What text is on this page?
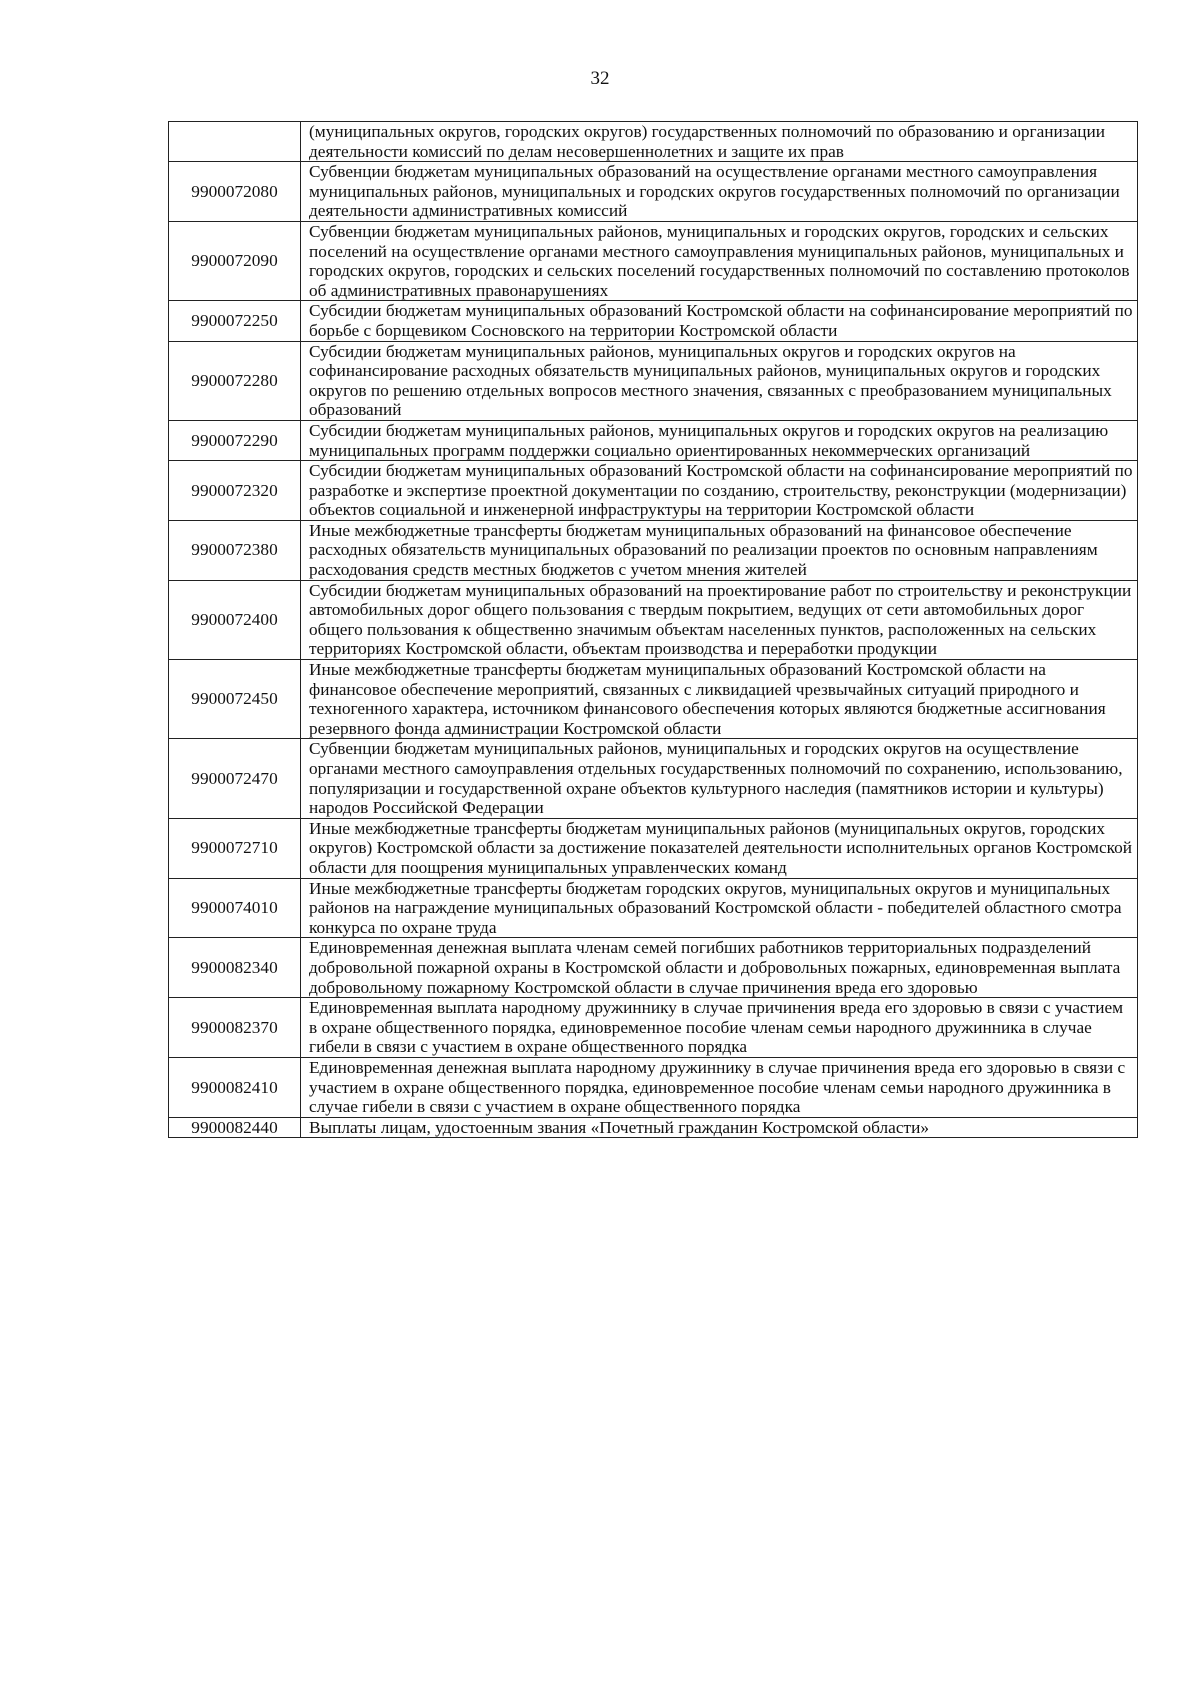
32
	(муниципальных округов, городских округов) государственных полномочий по образованию и организации деятельности комиссий по делам несовершеннолетних и защите их прав
9900072080	Субвенции бюджетам муниципальных образований на осуществление органами местного самоуправления муниципальных районов, муниципальных и городских округов государственных полномочий по организации деятельности административных комиссий
9900072090	Субвенции бюджетам муниципальных районов, муниципальных и городских округов, городских и сельских поселений на осуществление органами местного самоуправления муниципальных районов, муниципальных и городских округов, городских и сельских поселений государственных полномочий по составлению протоколов об административных правонарушениях
9900072250	Субсидии бюджетам муниципальных образований Костромской области на софинансирование мероприятий по борьбе с борщевиком Сосновского на территории Костромской области
9900072280	Субсидии бюджетам муниципальных районов, муниципальных округов и городских округов на софинансирование расходных обязательств муниципальных районов, муниципальных округов и городских округов по решению отдельных вопросов местного значения, связанных с преобразованием муниципальных образований
9900072290	Субсидии бюджетам муниципальных районов, муниципальных округов и городских округов на реализацию муниципальных программ поддержки социально ориентированных некоммерческих организаций
9900072320	Субсидии бюджетам муниципальных образований Костромской области на софинансирование мероприятий по разработке и экспертизе проектной документации по созданию, строительству, реконструкции (модернизации) объектов социальной и инженерной инфраструктуры на территории Костромской области
9900072380	Иные межбюджетные трансферты бюджетам муниципальных образований на финансовое обеспечение расходных обязательств муниципальных образований по реализации проектов по основным направлениям расходования средств местных бюджетов с учетом мнения жителей
9900072400	Субсидии бюджетам муниципальных образований на проектирование работ по строительству и реконструкции автомобильных дорог общего пользования с твердым покрытием, ведущих от сети автомобильных дорог общего пользования к общественно значимым объектам населенных пунктов, расположенных на сельских территориях Костромской области, объектам производства и переработки продукции
9900072450	Иные межбюджетные трансферты бюджетам муниципальных образований Костромской области на финансовое обеспечение мероприятий, связанных с ликвидацией чрезвычайных ситуаций природного и техногенного характера, источником финансового обеспечения которых являются бюджетные ассигнования резервного фонда администрации Костромской области
9900072470	Субвенции бюджетам муниципальных районов, муниципальных и городских округов на осуществление органами местного самоуправления отдельных государственных полномочий по сохранению, использованию, популяризации и государственной охране объектов культурного наследия (памятников истории и культуры) народов Российской Федерации
9900072710	Иные межбюджетные трансферты бюджетам муниципальных районов (муниципальных округов, городских округов) Костромской области за достижение показателей деятельности исполнительных органов Костромской области для поощрения муниципальных управленческих команд
9900074010	Иные межбюджетные трансферты бюджетам городских округов, муниципальных округов и муниципальных районов на награждение муниципальных образований Костромской области - победителей областного смотра конкурса по охране труда
9900082340	Единовременная денежная выплата членам семей погибших работников территориальных подразделений добровольной пожарной охраны в Костромской области и добровольных пожарных, единовременная выплата добровольному пожарному Костромской области в случае причинения вреда его здоровью
9900082370	Единовременная выплата народному дружиннику в случае причинения вреда его здоровью в связи с участием в охране общественного порядка, единовременное пособие членам семьи народного дружинника в случае гибели в связи с участием в охране общественного порядка
9900082410	Единовременная денежная выплата народному дружиннику в случае причинения вреда его здоровью в связи с участием в охране общественного порядка, единовременное пособие членам семьи народного дружинника в случае гибели в связи с участием в охране общественного порядка
9900082440	Выплаты лицам, удостоенным звания «Почетный гражданин Костромской области»
